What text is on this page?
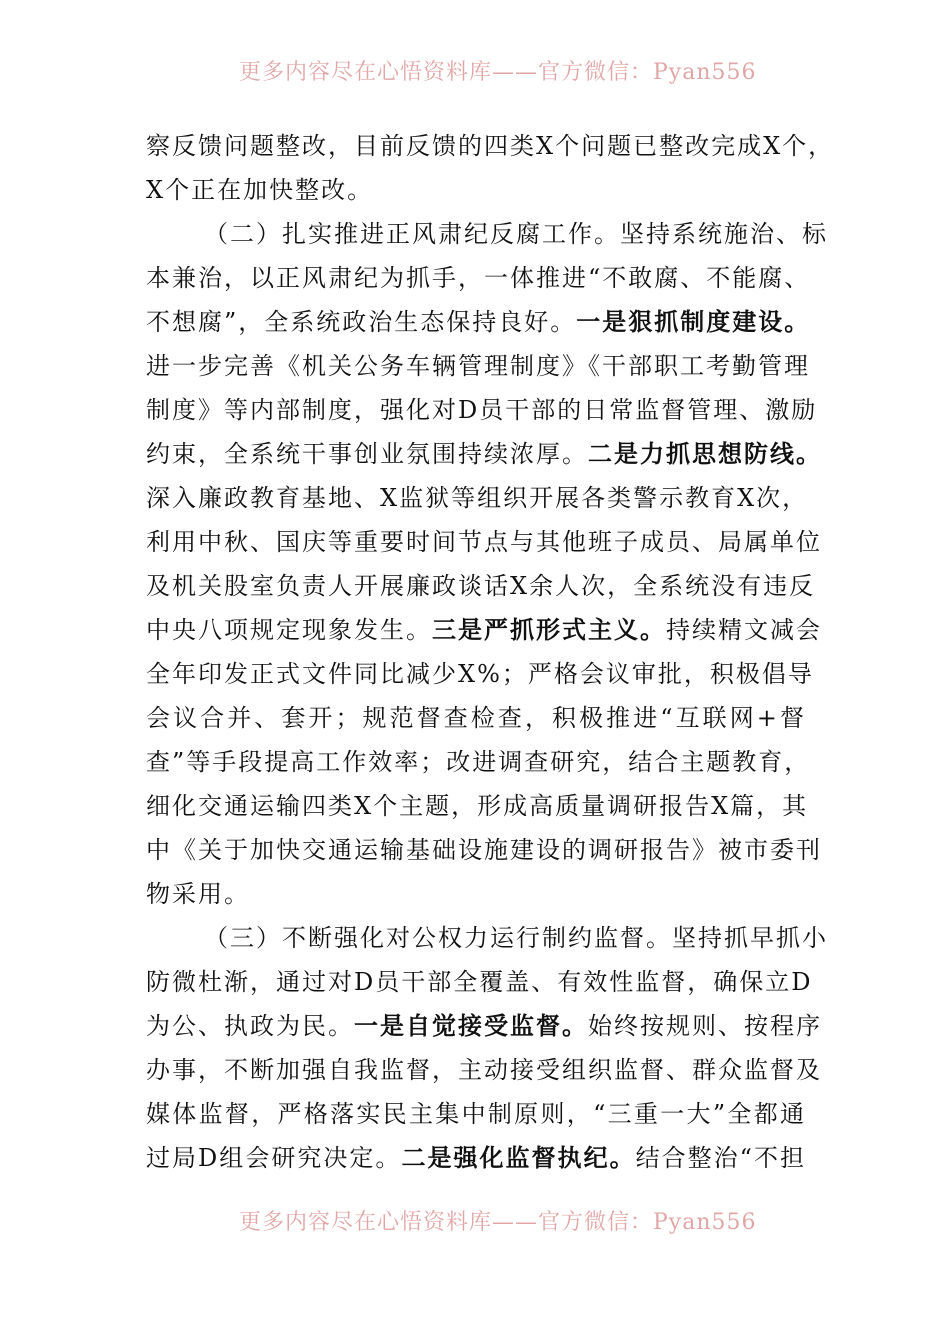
更多内容尽在心悟资料库——官方微信：Pyan556
察反馈问题整改，目前反馈的四类X个问题已整改完成X个，
X个正在加快整改。
（二）扎实推进正风肃纪反腐工作。坚持系统施治、标
本兼治，以正风肃纪为抓手，一体推进“不敢腐、不能腐、
不想腐”，全系统政治生态保持良好。一是狠抓制度建设。
进一步完善《机关公务车辆管理制度》《干部职工考勤管理
制度》等内部制度，强化对D员干部的日常监督管理、激励
约束，全系统干事创业氛围持续浓厚。二是力抓思想防线。
深入廉政教育基地、X监狱等组织开展各类警示教育X次，
利用中秋、国庆等重要时间节点与其他班子成员、局属单位
及机关股室负责人开展廉政谈话X余人次，全系统没有违反
中央八项规定现象发生。三是严抓形式主义。持续精文减会
全年印发正式文件同比减少X%；严格会议审批，积极倡导
会议合并、套开；规范督查检查，积极推进“互联网+督
查”等手段提高工作效率；改进调查研究，结合主题教育，
细化交通运输四类X个主题，形成高质量调研报告X篇，其
中《关于加快交通运输基础设施建设的调研报告》被市委刊
物采用。
（三）不断强化对公权力运行制约监督。坚持抓早抓小
防微杜渐，通过对D员干部全覆盖、有效性监督，确保立D
为公、执政为民。一是自觉接受监督。始终按规则、按程序
办事，不断加强自我监督，主动接受组织监督、群众监督及
媒体监督，严格落实民主集中制原则，“三重一大”全都通
过局D组会研究决定。二是强化监督执纪。结合整治“不担
更多内容尽在心悟资料库——官方微信：Pyan556
